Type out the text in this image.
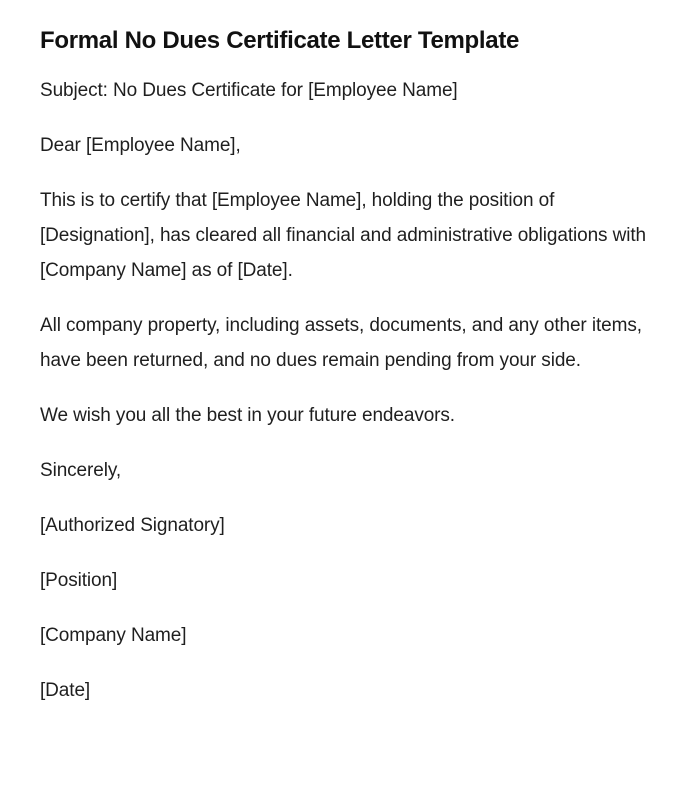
Formal No Dues Certificate Letter Template

Subject: No Dues Certificate for [Employee Name]

Dear [Employee Name],

This is to certify that [Employee Name], holding the position of [Designation], has cleared all financial and administrative obligations with [Company Name] as of [Date].

All company property, including assets, documents, and any other items, have been returned, and no dues remain pending from your side.

We wish you all the best in your future endeavors.

Sincerely,

[Authorized Signatory]

[Position]

[Company Name]

[Date]
